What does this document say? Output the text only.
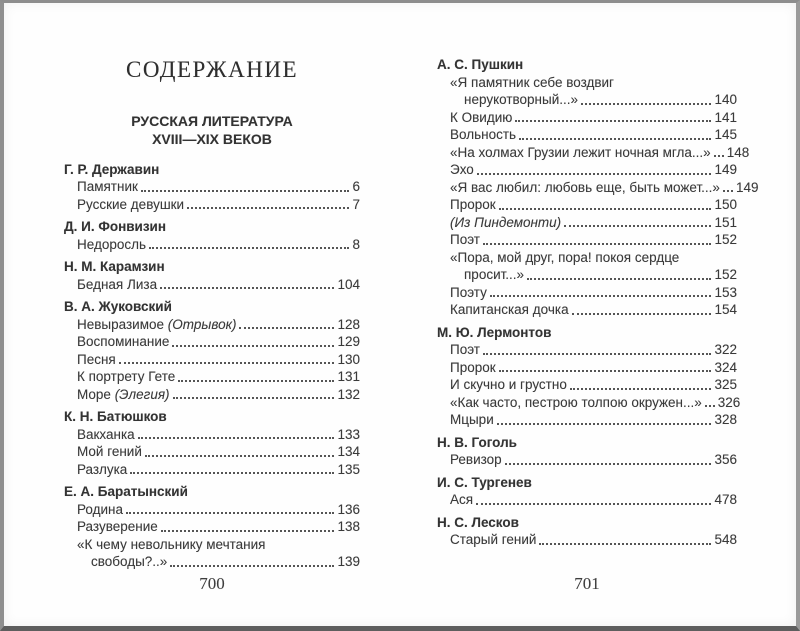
СОДЕРЖАНИЕ
РУССКАЯ ЛИТЕРАТУРА
XVIII—XIX ВЕКОВ
Г. Р. Державин
Памятник	6
Русские девушки	7
Д. И. Фонвизин
Недоросль	8
Н. М. Карамзин
Бедная Лиза	104
В. А. Жуковский
Невыразимое (Отрывок)	128
Воспоминание	129
Песня	130
К портрету Гете	131
Море (Элегия)	132
К. Н. Батюшков
Вакханка	133
Мой гений	134
Разлука	135
Е. А. Баратынский
Родина	136
Разуверение	138
«К чему невольнику мечтания
свободы?..»	139
А. С. Пушкин
«Я памятник себе воздвиг
нерукотворный...»	140
К Овидию	141
Вольность	145
«На холмах Грузии лежит ночная мгла...» 148
Эхо	149
«Я вас любил: любовь еще, быть может...» 149
Пророк	150
(Из Пиндемонти)	151
Поэт	152
«Пора, мой друг, пора! покоя сердце
просит...»	152
Поэту	153
Капитанская дочка	154
М. Ю. Лермонтов
Поэт	322
Пророк	324
И скучно и грустно	325
«Как часто, пестрою толпою окружен...» 326
Мцыри	328
Н. В. Гоголь
Ревизор	356
И. С. Тургенев
Ася	478
Н. С. Лесков
Старый гений	548
700	701
